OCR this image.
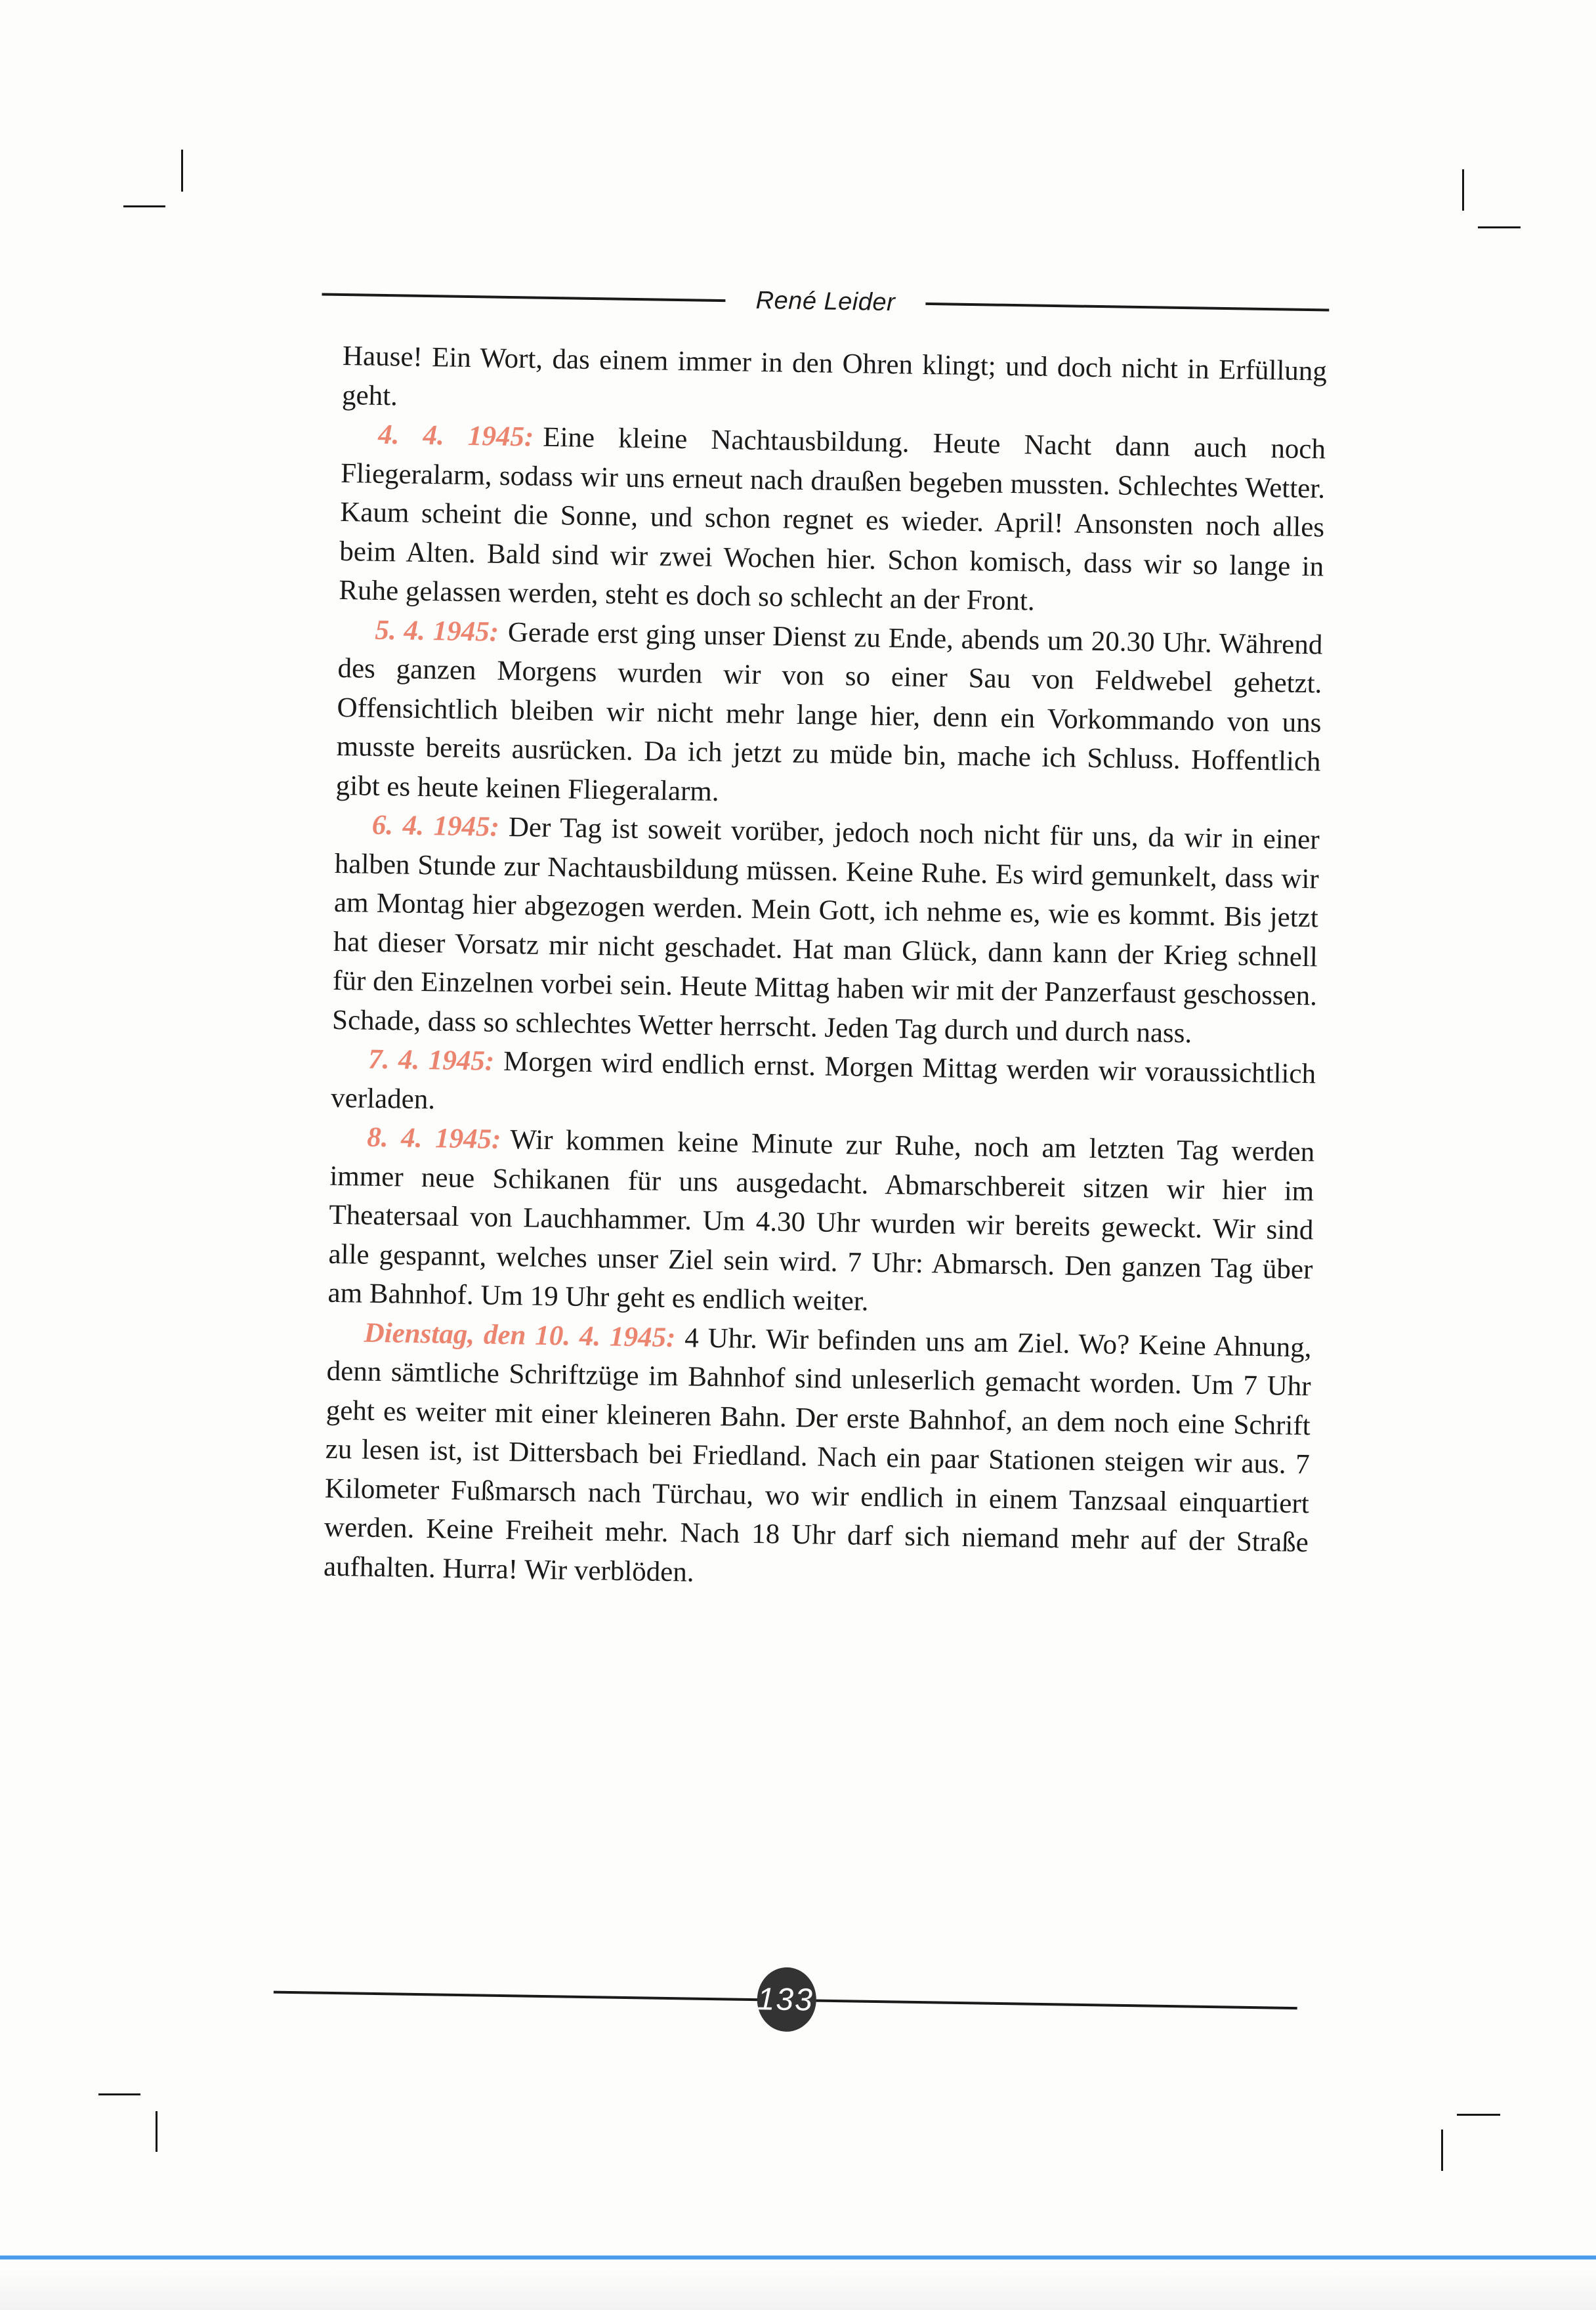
René Leider

Hause! Ein Wort, das einem immer in den Ohren klingt; und doch nicht in Erfüllung geht.

4. 4. 1945: Eine kleine Nachtausbildung. Heute Nacht dann auch noch Fliegeralarm, sodass wir uns erneut nach draußen begeben mussten. Schlechtes Wetter. Kaum scheint die Sonne, und schon regnet es wieder. April! Ansonsten noch alles beim Alten. Bald sind wir zwei Wochen hier. Schon komisch, dass wir so lange in Ruhe gelassen werden, steht es doch so schlecht an der Front.

5. 4. 1945: Gerade erst ging unser Dienst zu Ende, abends um 20.30 Uhr. Während des ganzen Morgens wurden wir von so einer Sau von Feldwebel gehetzt. Offensichtlich bleiben wir nicht mehr lange hier, denn ein Vorkommando von uns musste bereits ausrücken. Da ich jetzt zu müde bin, mache ich Schluss. Hoffentlich gibt es heute keinen Fliegeralarm.

6. 4. 1945: Der Tag ist soweit vorüber, jedoch noch nicht für uns, da wir in einer halben Stunde zur Nachtausbildung müssen. Keine Ruhe. Es wird gemunkelt, dass wir am Montag hier abgezogen werden. Mein Gott, ich nehme es, wie es kommt. Bis jetzt hat dieser Vorsatz mir nicht geschadet. Hat man Glück, dann kann der Krieg schnell für den Einzelnen vorbei sein. Heute Mittag haben wir mit der Panzerfaust geschossen. Schade, dass so schlechtes Wetter herrscht. Jeden Tag durch und durch nass.

7. 4. 1945: Morgen wird endlich ernst. Morgen Mittag werden wir voraussichtlich verladen.

8. 4. 1945: Wir kommen keine Minute zur Ruhe, noch am letzten Tag werden immer neue Schikanen für uns ausgedacht. Abmarschbereit sitzen wir hier im Theatersaal von Lauchhammer. Um 4.30 Uhr wurden wir bereits geweckt. Wir sind alle gespannt, welches unser Ziel sein wird. 7 Uhr: Abmarsch. Den ganzen Tag über am Bahnhof. Um 19 Uhr geht es endlich weiter.

Dienstag, den 10. 4. 1945: 4 Uhr. Wir befinden uns am Ziel. Wo? Keine Ahnung, denn sämtliche Schriftzüge im Bahnhof sind unleserlich gemacht worden. Um 7 Uhr geht es weiter mit einer kleineren Bahn. Der erste Bahnhof, an dem noch eine Schrift zu lesen ist, ist Dittersbach bei Friedland. Nach ein paar Stationen steigen wir aus. 7 Kilometer Fußmarsch nach Türchau, wo wir endlich in einem Tanzsaal einquartiert werden. Keine Freiheit mehr. Nach 18 Uhr darf sich niemand mehr auf der Straße aufhalten. Hurra! Wir verblöden.

133
